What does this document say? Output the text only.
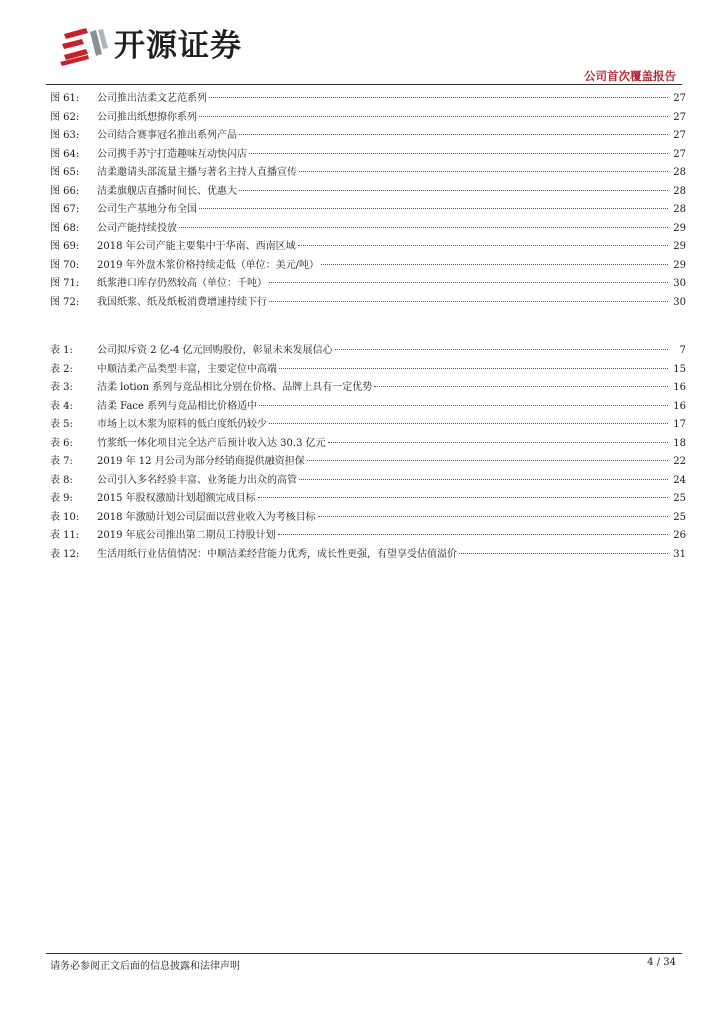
开源证券
公司首次覆盖报告
图 61:	公司推出洁柔文艺范系列	27
图 62:	公司推出纸想撩你系列	27
图 63:	公司结合赛事冠名推出系列产品	27
图 64:	公司携手苏宁打造趣味互动快闪店	27
图 65:	洁柔邀请头部流量主播与著名主持人直播宣传	28
图 66:	洁柔旗舰店直播时间长、优惠大	28
图 67:	公司生产基地分布全国	28
图 68:	公司产能持续投放	29
图 69:	2018 年公司产能主要集中于华南、西南区域	29
图 70:	2019 年外盘木浆价格持续走低（单位：美元/吨）	29
图 71:	纸浆港口库存仍然较高（单位：千吨）	30
图 72:	我国纸浆、纸及纸板消费增速持续下行	30
表 1:	公司拟斥资 2 亿-4 亿元回购股份，彰显未来发展信心	7
表 2:	中顺洁柔产品类型丰富，主要定位中高端	15
表 3:	洁柔 lotion 系列与竞品相比分别在价格、品牌上具有一定优势	16
表 4:	洁柔 Face 系列与竞品相比价格适中	16
表 5:	市场上以木浆为原料的低白度纸仍较少	17
表 6:	竹浆纸一体化项目完全达产后预计收入达 30.3 亿元	18
表 7:	2019 年 12 月公司为部分经销商提供融资担保	22
表 8:	公司引入多名经验丰富、业务能力出众的高管	24
表 9:	2015 年股权激励计划超额完成目标	25
表 10:	2018 年激励计划公司层面以营业收入为考核目标	25
表 11:	2019 年底公司推出第二期员工持股计划	26
表 12:	生活用纸行业估值情况：中顺洁柔经营能力优秀，成长性更强，有望享受估值溢价	31
请务必参阅正文后面的信息披露和法律声明	4 / 34
